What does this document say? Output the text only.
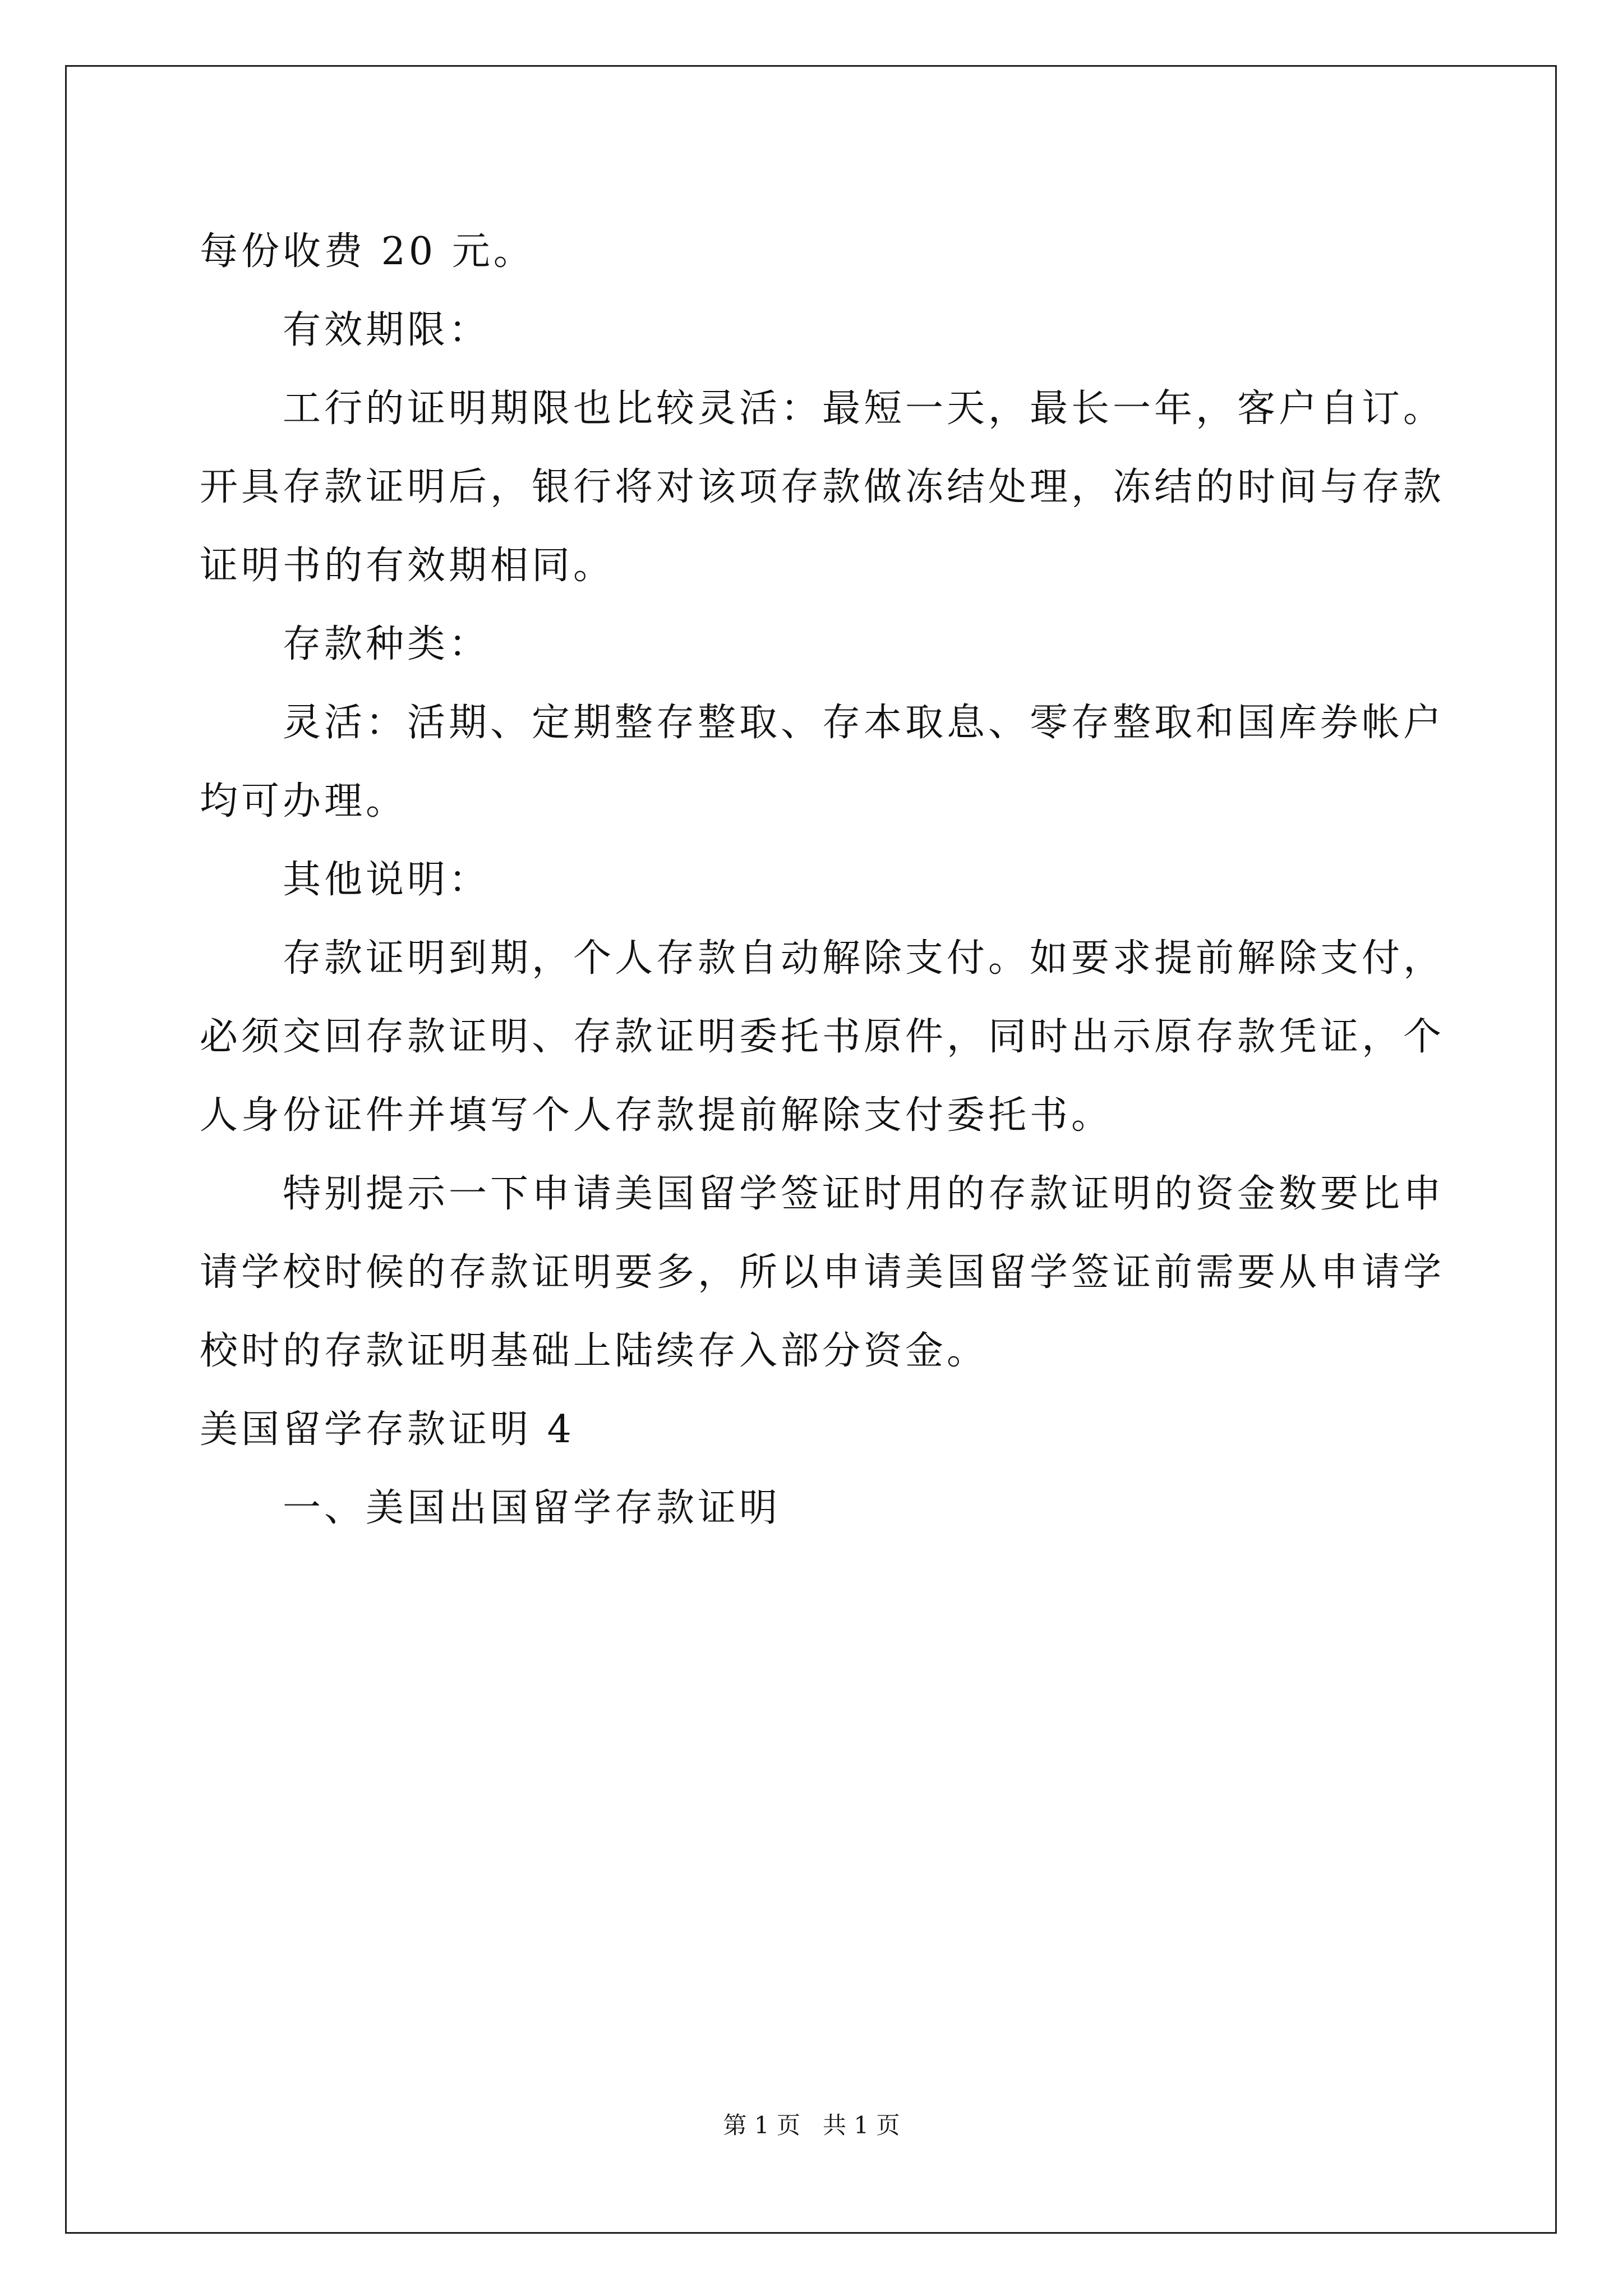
每份收费 20 元。
有效期限：
工行的证明期限也比较灵活：最短一天，最长一年，客户自订。
开具存款证明后，银行将对该项存款做冻结处理，冻结的时间与存款
证明书的有效期相同。
存款种类：
灵活：活期、定期整存整取、存本取息、零存整取和国库券帐户
均可办理。
其他说明：
存款证明到期，个人存款自动解除支付。如要求提前解除支付，
必须交回存款证明、存款证明委托书原件，同时出示原存款凭证，个
人身份证件并填写个人存款提前解除支付委托书。
特别提示一下申请美国留学签证时用的存款证明的资金数要比申
请学校时候的存款证明要多，所以申请美国留学签证前需要从申请学
校时的存款证明基础上陆续存入部分资金。
美国留学存款证明 4
一、美国出国留学存款证明
第 1 页   共 1 页
